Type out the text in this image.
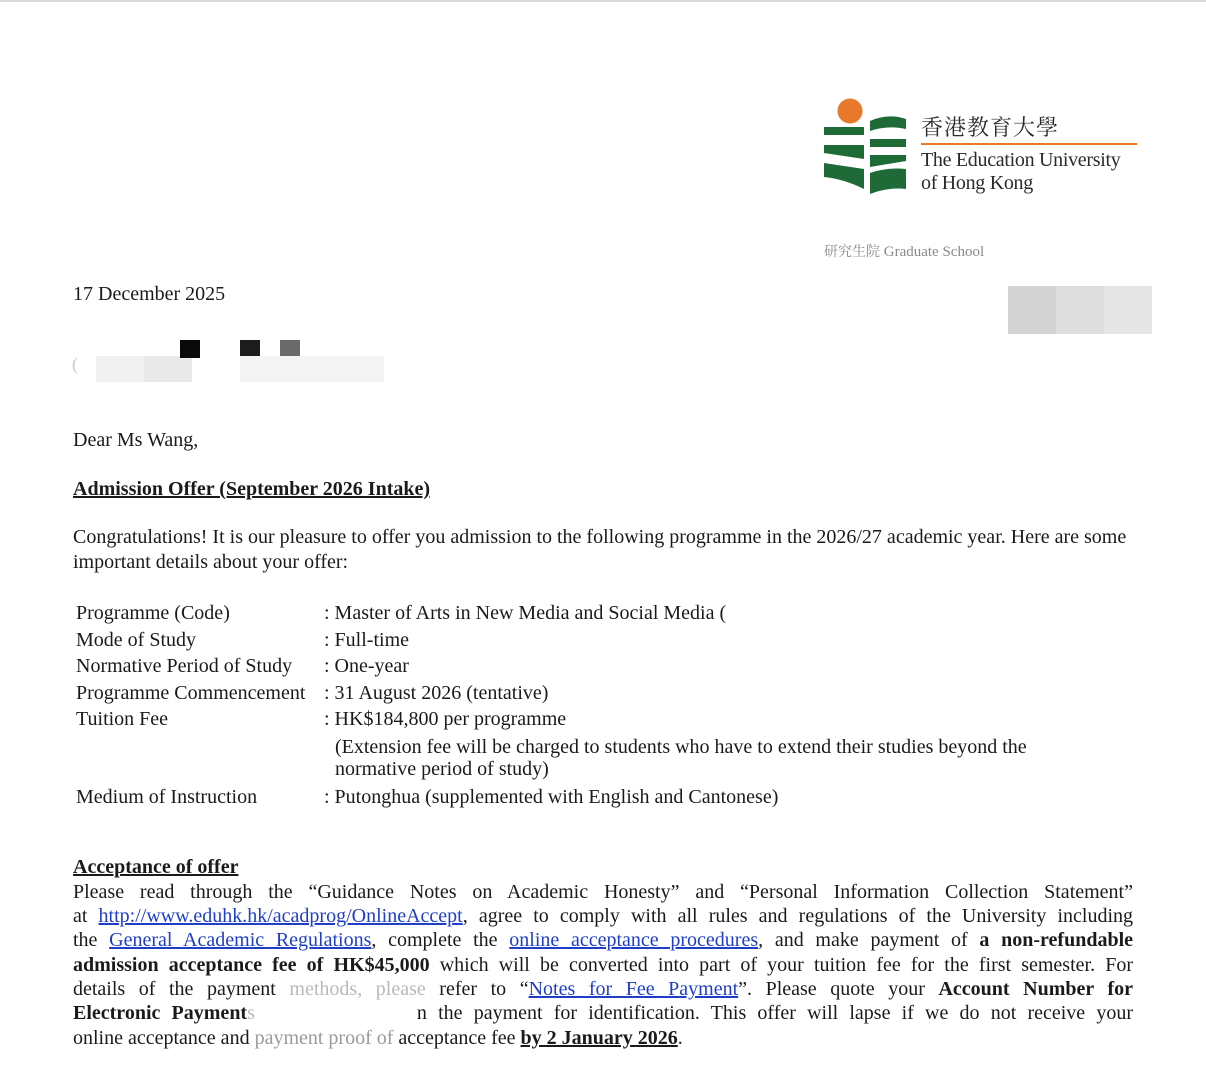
香港教育大學
The Education University
of Hong Kong
研究生院 Graduate School
(
17 December 2025
Dear Ms Wang,
Admission Offer (September 2026 Intake)
Congratulations! It is our pleasure to offer you admission to the following programme in the 2026/27 academic year. Here are some important details about your offer:
Programme (Code)	: Master of Arts in New Media and Social Media (
Mode of Study	: Full-time
Normative Period of Study : One-year
Programme Commencement : 31 August 2026 (tentative)
Tuition Fee	: HK$184,800 per programme
(Extension fee will be charged to students who have to extend their studies beyond the
normative period of study)
Medium of Instruction	: Putonghua (supplemented with English and Cantonese)
Acceptance of offer
Please read through the “Guidance Notes on Academic Honesty” and “Personal Information Collection Statement”
at http://www.eduhk.hk/acadprog/OnlineAccept, agree to comply with all rules and regulations of the University including
the General Academic Regulations, complete the online acceptance procedures, and make payment of a non-refundable
admission acceptance fee of HK$45,000 which will be converted into part of your tuition fee for the first semester. For
details of the payment methods, please refer to “Notes for Fee Payment”. Please quote your Account Number for
Electronic Payments	n the payment for identification. This offer will lapse if we do not receive your
online acceptance and payment proof of acceptance fee by 2 January 2026.
